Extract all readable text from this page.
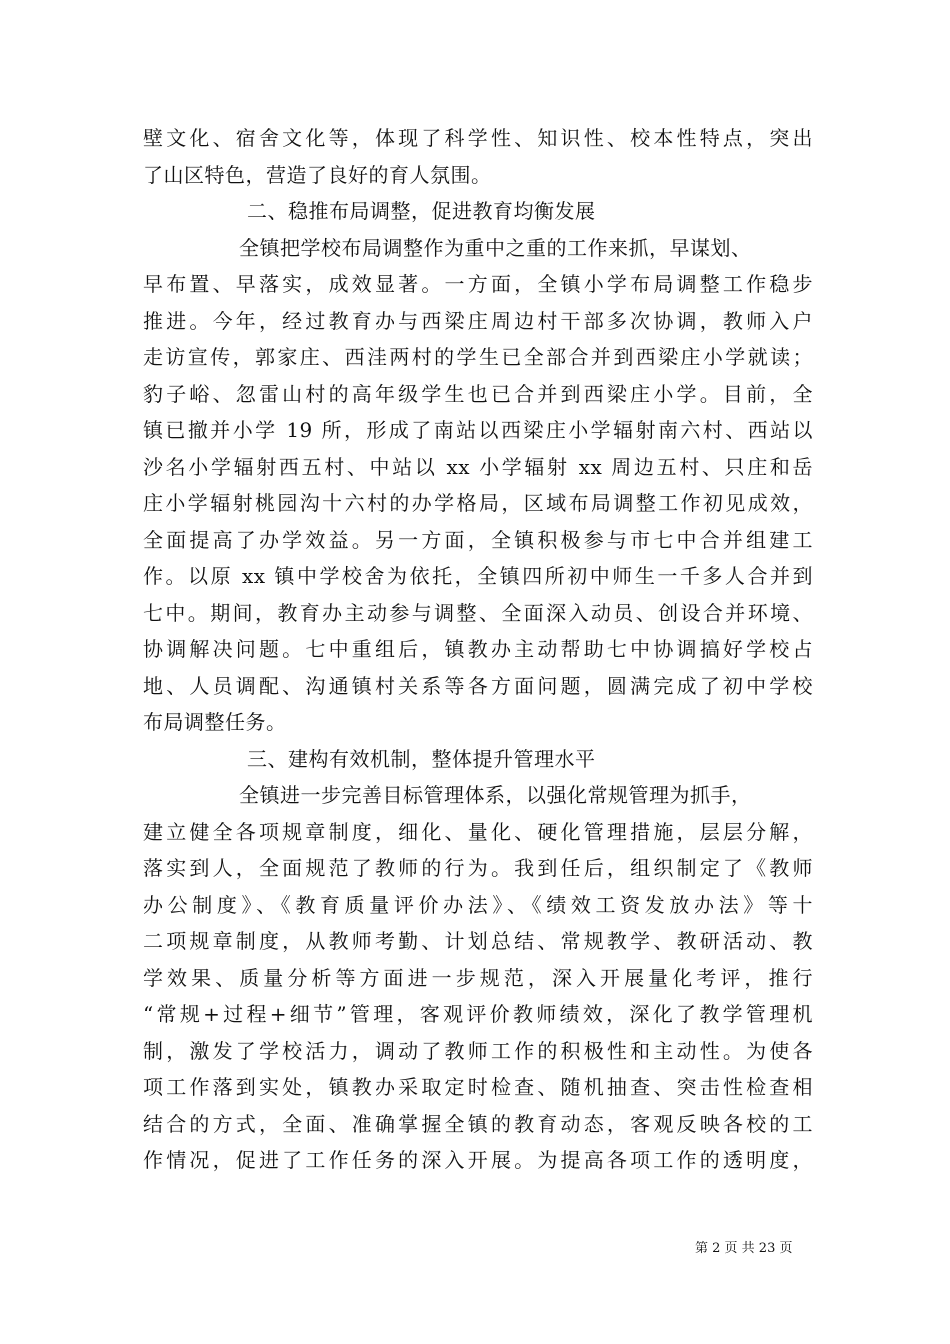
壁文化、宿舍文化等，体现了科学性、知识性、校本性特点，突出
了山区特色，营造了良好的育人氛围。
二、稳推布局调整，促进教育均衡发展
全镇把学校布局调整作为重中之重的工作来抓，早谋划、
早布置、早落实，成效显著。一方面，全镇小学布局调整工作稳步
推进。今年，经过教育办与西梁庄周边村干部多次协调，教师入户
走访宣传，郭家庄、西洼两村的学生已全部合并到西梁庄小学就读；
豹子峪、忽雷山村的高年级学生也已合并到西梁庄小学。目前，全
镇已撤并小学 19 所，形成了南站以西梁庄小学辐射南六村、西站以
沙名小学辐射西五村、中站以 xx 小学辐射 xx 周边五村、只庄和岳
庄小学辐射桃园沟十六村的办学格局，区域布局调整工作初见成效，
全面提高了办学效益。另一方面，全镇积极参与市七中合并组建工
作。以原 xx 镇中学校舍为依托，全镇四所初中师生一千多人合并到
七中。期间，教育办主动参与调整、全面深入动员、创设合并环境、
协调解决问题。七中重组后，镇教办主动帮助七中协调搞好学校占
地、人员调配、沟通镇村关系等各方面问题，圆满完成了初中学校
布局调整任务。
三、建构有效机制，整体提升管理水平
全镇进一步完善目标管理体系，以强化常规管理为抓手，
建立健全各项规章制度，细化、量化、硬化管理措施，层层分解，
落实到人，全面规范了教师的行为。我到任后，组织制定了《教师
办公制度》、《教育质量评价办法》、《绩效工资发放办法》等十
二项规章制度，从教师考勤、计划总结、常规教学、教研活动、教
学效果、质量分析等方面进一步规范，深入开展量化考评，推行
“常规+过程+细节”管理，客观评价教师绩效，深化了教学管理机
制，激发了学校活力，调动了教师工作的积极性和主动性。为使各
项工作落到实处，镇教办采取定时检查、随机抽查、突击性检查相
结合的方式，全面、准确掌握全镇的教育动态，客观反映各校的工
作情况，促进了工作任务的深入开展。为提高各项工作的透明度，
第 2 页 共 23 页
